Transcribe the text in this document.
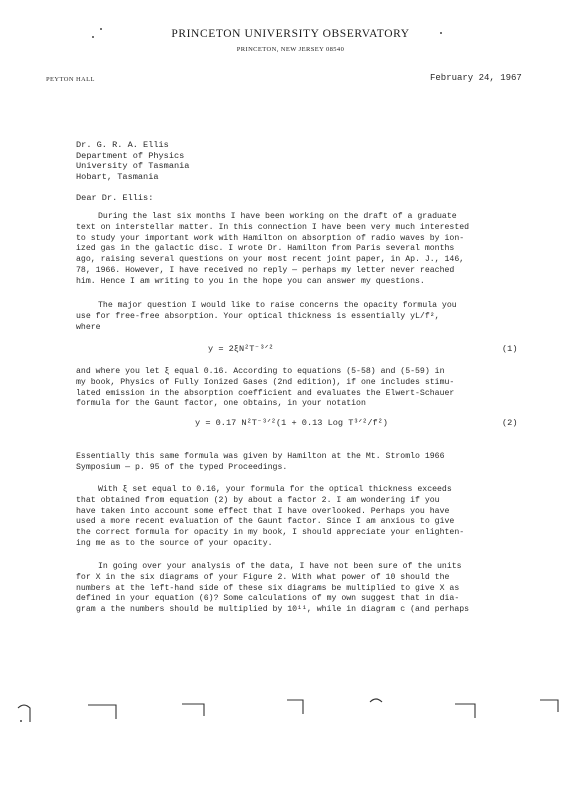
PRINCETON UNIVERSITY OBSERVATORY
PRINCETON, NEW JERSEY 08540
PEYTON HALL	February 24, 1967
Dr. G. R. A. Ellis
Department of Physics
University of Tasmania
Hobart, Tasmania
Dear Dr. Ellis:
During the last six months I have been working on the draft of a graduate
text on interstellar matter. In this connection I have been very much interested
to study your important work with Hamilton on absorption of radio waves by ion-
ized gas in the galactic disc. I wrote Dr. Hamilton from Paris several months
ago, raising several questions on your most recent joint paper, in Ap. J., 146,
78, 1966. However, I have received no reply — perhaps my letter never reached
him. Hence I am writing to you in the hope you can answer my questions.
The major question I would like to raise concerns the opacity formula you
use for free-free absorption. Your optical thickness is essentially yL/f²,
where
y = 2ξN²T⁻³ᐟ²	(1)
and where you let ξ equal 0.16. According to equations (5-58) and (5-59) in
my book, Physics of Fully Ionized Gases (2nd edition), if one includes stimu-
lated emission in the absorption coefficient and evaluates the Elwert-Schauer
formula for the Gaunt factor, one obtains, in your notation
y = 0.17 N²T⁻³ᐟ²(1 + 0.13 Log T³ᐟ²/f²)	(2)
Essentially this same formula was given by Hamilton at the Mt. Stromlo 1966
Symposium — p. 95 of the typed Proceedings.
With ξ set equal to 0.16, your formula for the optical thickness exceeds
that obtained from equation (2) by about a factor 2. I am wondering if you
have taken into account some effect that I have overlooked. Perhaps you have
used a more recent evaluation of the Gaunt factor. Since I am anxious to give
the correct formula for opacity in my book, I should appreciate your enlighten-
ing me as to the source of your opacity.
In going over your analysis of the data, I have not been sure of the units
for X in the six diagrams of your Figure 2. With what power of 10 should the
numbers at the left-hand side of these six diagrams be multiplied to give X as
defined in your equation (6)? Some calculations of my own suggest that in dia-
gram a the numbers should be multiplied by 10¹¹, while in diagram c (and perhaps
